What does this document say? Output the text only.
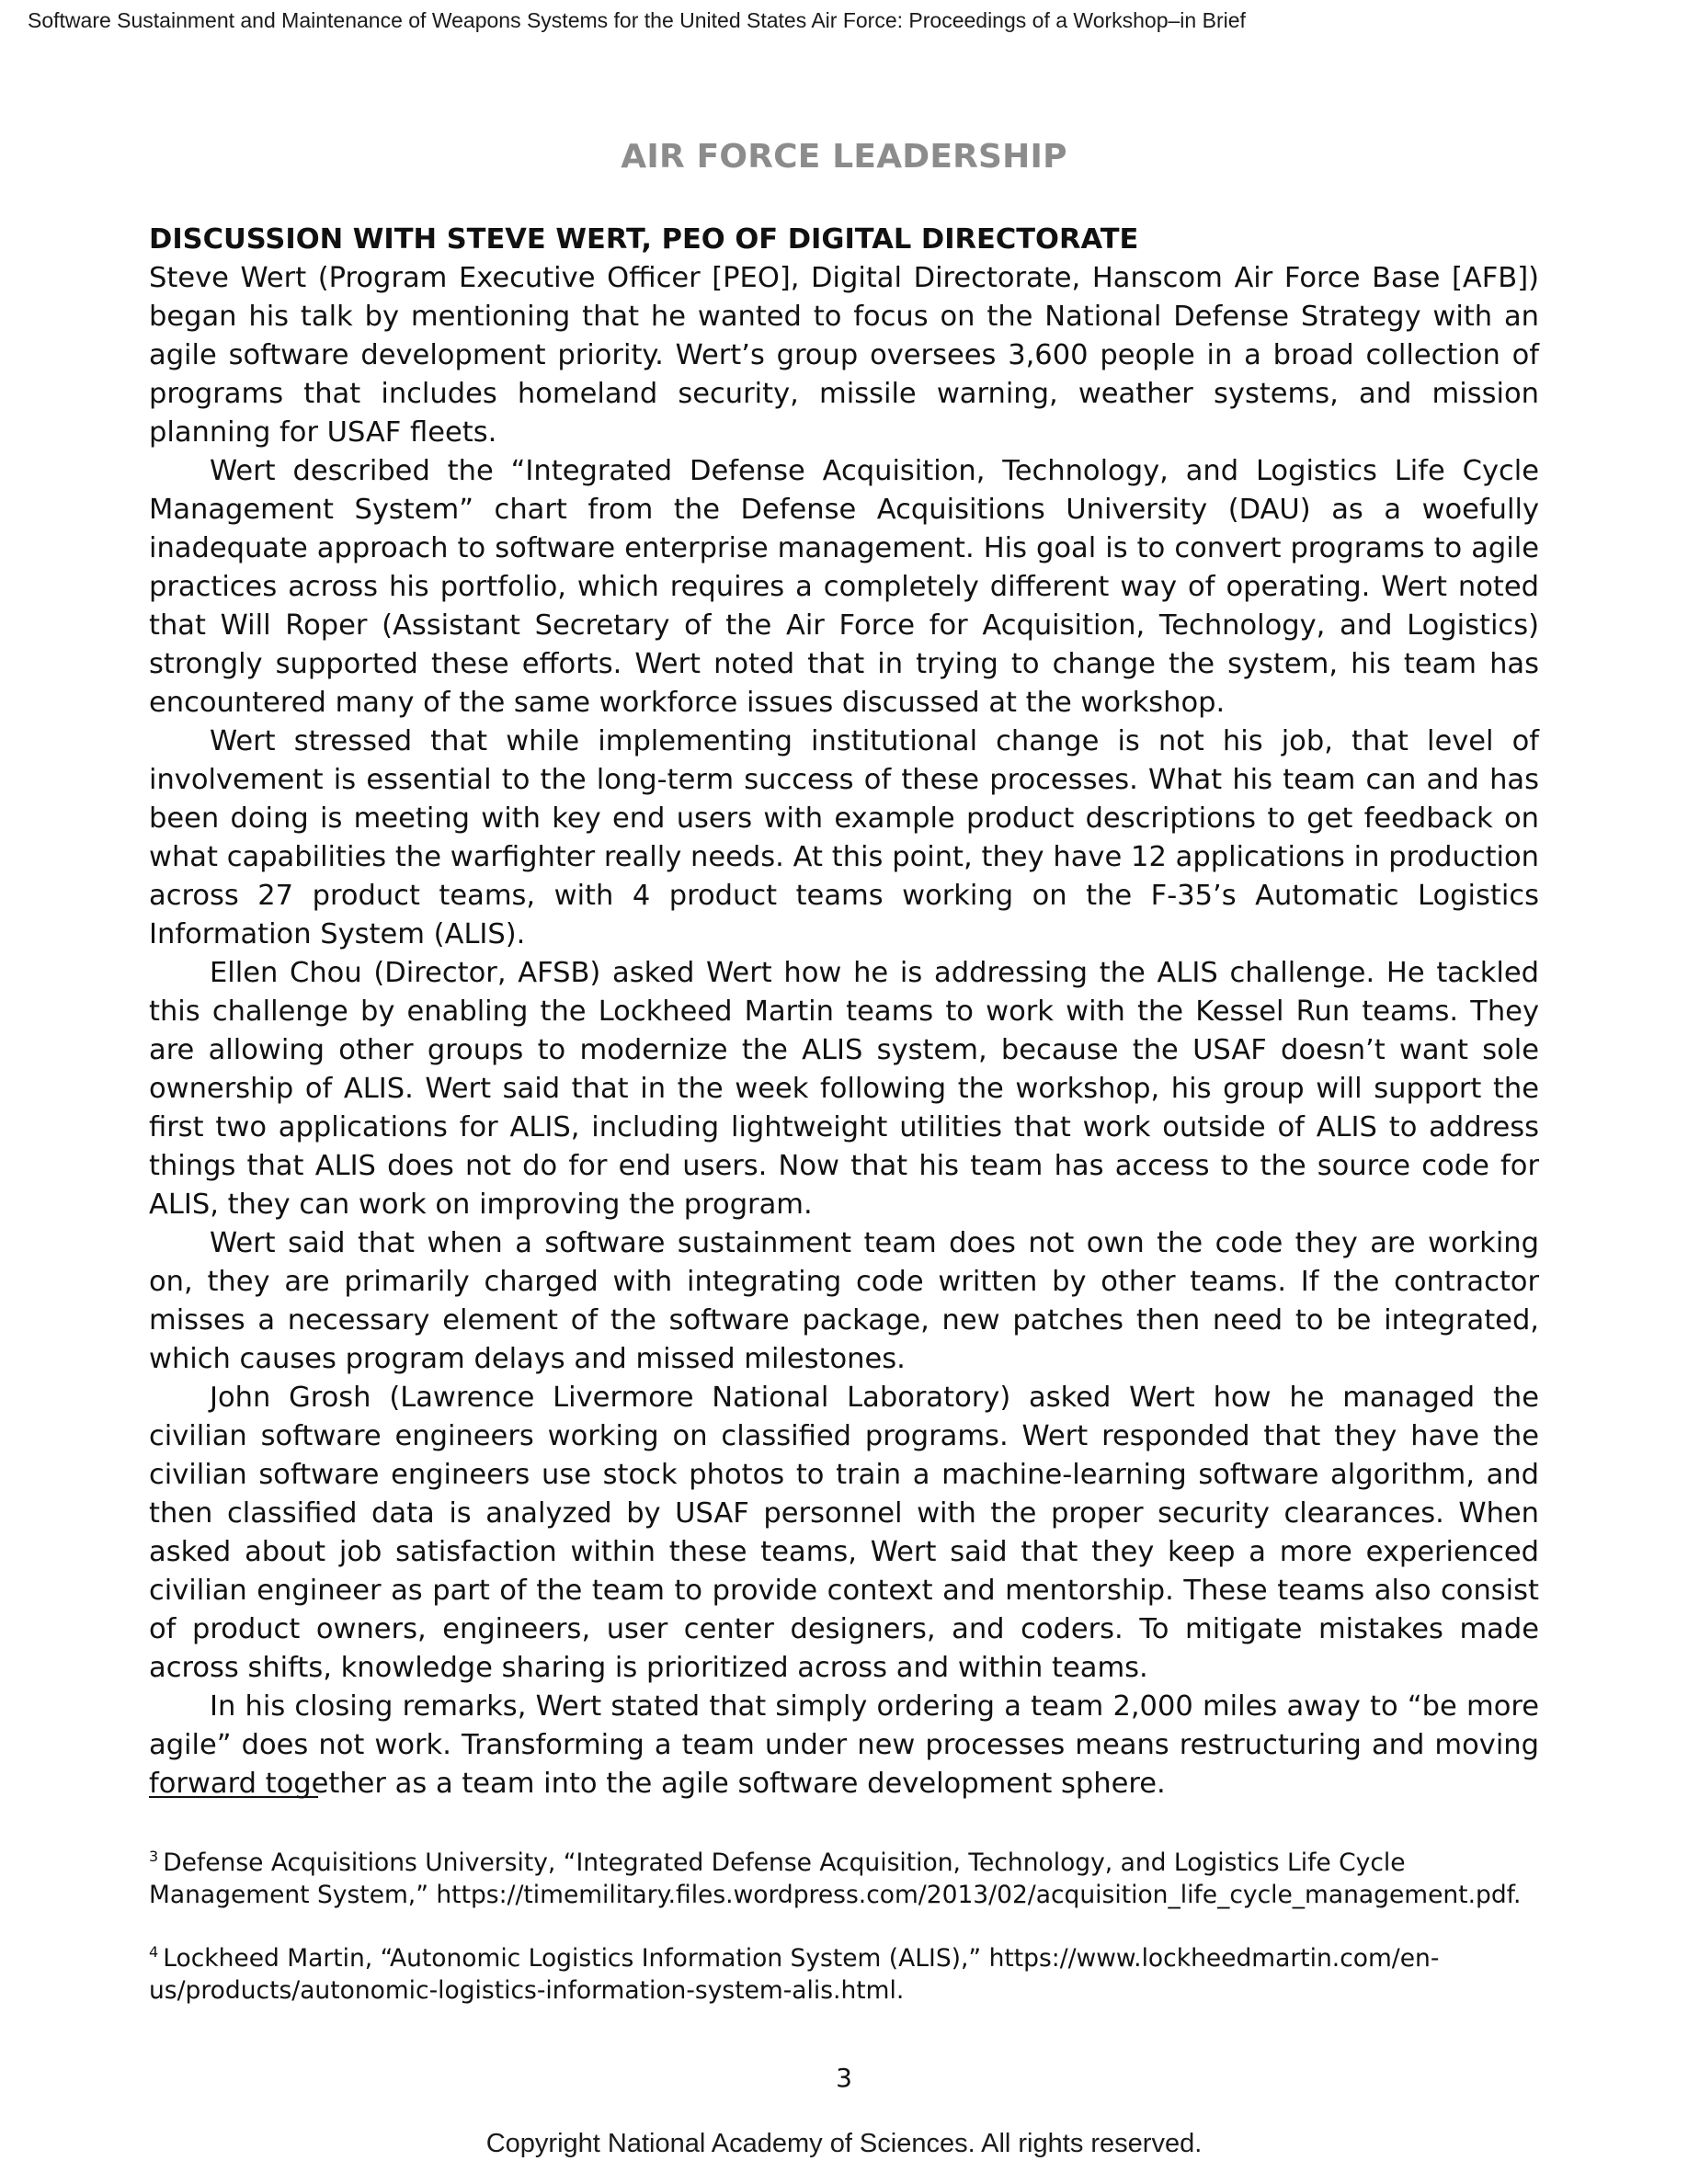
Software Sustainment and Maintenance of Weapons Systems for the United States Air Force: Proceedings of a Workshop–in Brief
AIR FORCE LEADERSHIP

DISCUSSION WITH STEVE WERT, PEO OF DIGITAL DIRECTORATE

Steve Wert (Program Executive Officer [PEO], Digital Directorate, Hanscom Air Force Base [AFB]) began his talk by mentioning that he wanted to focus on the National Defense Strategy with an agile software development priority. Wert’s group oversees 3,600 people in a broad collection of programs that includes homeland security, missile warning, weather systems, and mission planning for USAF fleets.

Wert described the “Integrated Defense Acquisition, Technology, and Logistics Life Cycle Management System” chart from the Defense Acquisitions University (DAU) as a woefully inadequate approach to software enterprise management. His goal is to convert programs to agile practices across his portfolio, which requires a completely different way of operating. Wert noted that Will Roper (Assistant Secretary of the Air Force for Acquisition, Technology, and Logistics) strongly supported these efforts. Wert noted that in trying to change the system, his team has encountered many of the same workforce issues discussed at the workshop.

Wert stressed that while implementing institutional change is not his job, that level of involvement is essential to the long-term success of these processes. What his team can and has been doing is meeting with key end users with example product descriptions to get feedback on what capabilities the warfighter really needs. At this point, they have 12 applications in production across 27 product teams, with 4 product teams working on the F-35’s Automatic Logistics Information System (ALIS).

Ellen Chou (Director, AFSB) asked Wert how he is addressing the ALIS challenge. He tackled this challenge by enabling the Lockheed Martin teams to work with the Kessel Run teams. They are allowing other groups to modernize the ALIS system, because the USAF doesn’t want sole ownership of ALIS. Wert said that in the week following the workshop, his group will support the first two applications for ALIS, including lightweight utilities that work outside of ALIS to address things that ALIS does not do for end users. Now that his team has access to the source code for ALIS, they can work on improving the program.

Wert said that when a software sustainment team does not own the code they are working on, they are primarily charged with integrating code written by other teams. If the contractor misses a necessary element of the software package, new patches then need to be integrated, which causes program delays and missed milestones.

John Grosh (Lawrence Livermore National Laboratory) asked Wert how he managed the civilian software engineers working on classified programs. Wert responded that they have the civilian software engineers use stock photos to train a machine-learning software algorithm, and then classified data is analyzed by USAF personnel with the proper security clearances. When asked about job satisfaction within these teams, Wert said that they keep a more experienced civilian engineer as part of the team to provide context and mentorship. These teams also consist of product owners, engineers, user center designers, and coders. To mitigate mistakes made across shifts, knowledge sharing is prioritized across and within teams.

In his closing remarks, Wert stated that simply ordering a team 2,000 miles away to “be more agile” does not work. Transforming a team under new processes means restructuring and moving forward together as a team into the agile software development sphere.

$^3$ Defense Acquisitions University, “Integrated Defense Acquisition, Technology, and Logistics Life Cycle Management System,” https://timemilitary.files.wordpress.com/2013/02/acquisition_life_cycle_management.pdf.

$^4$ Lockheed Martin, “Autonomic Logistics Information System (ALIS),” https://www.lockheedmartin.com/en-us/products/autonomic-logistics-information-system-alis.html.

3
Copyright National Academy of Sciences. All rights reserved.
